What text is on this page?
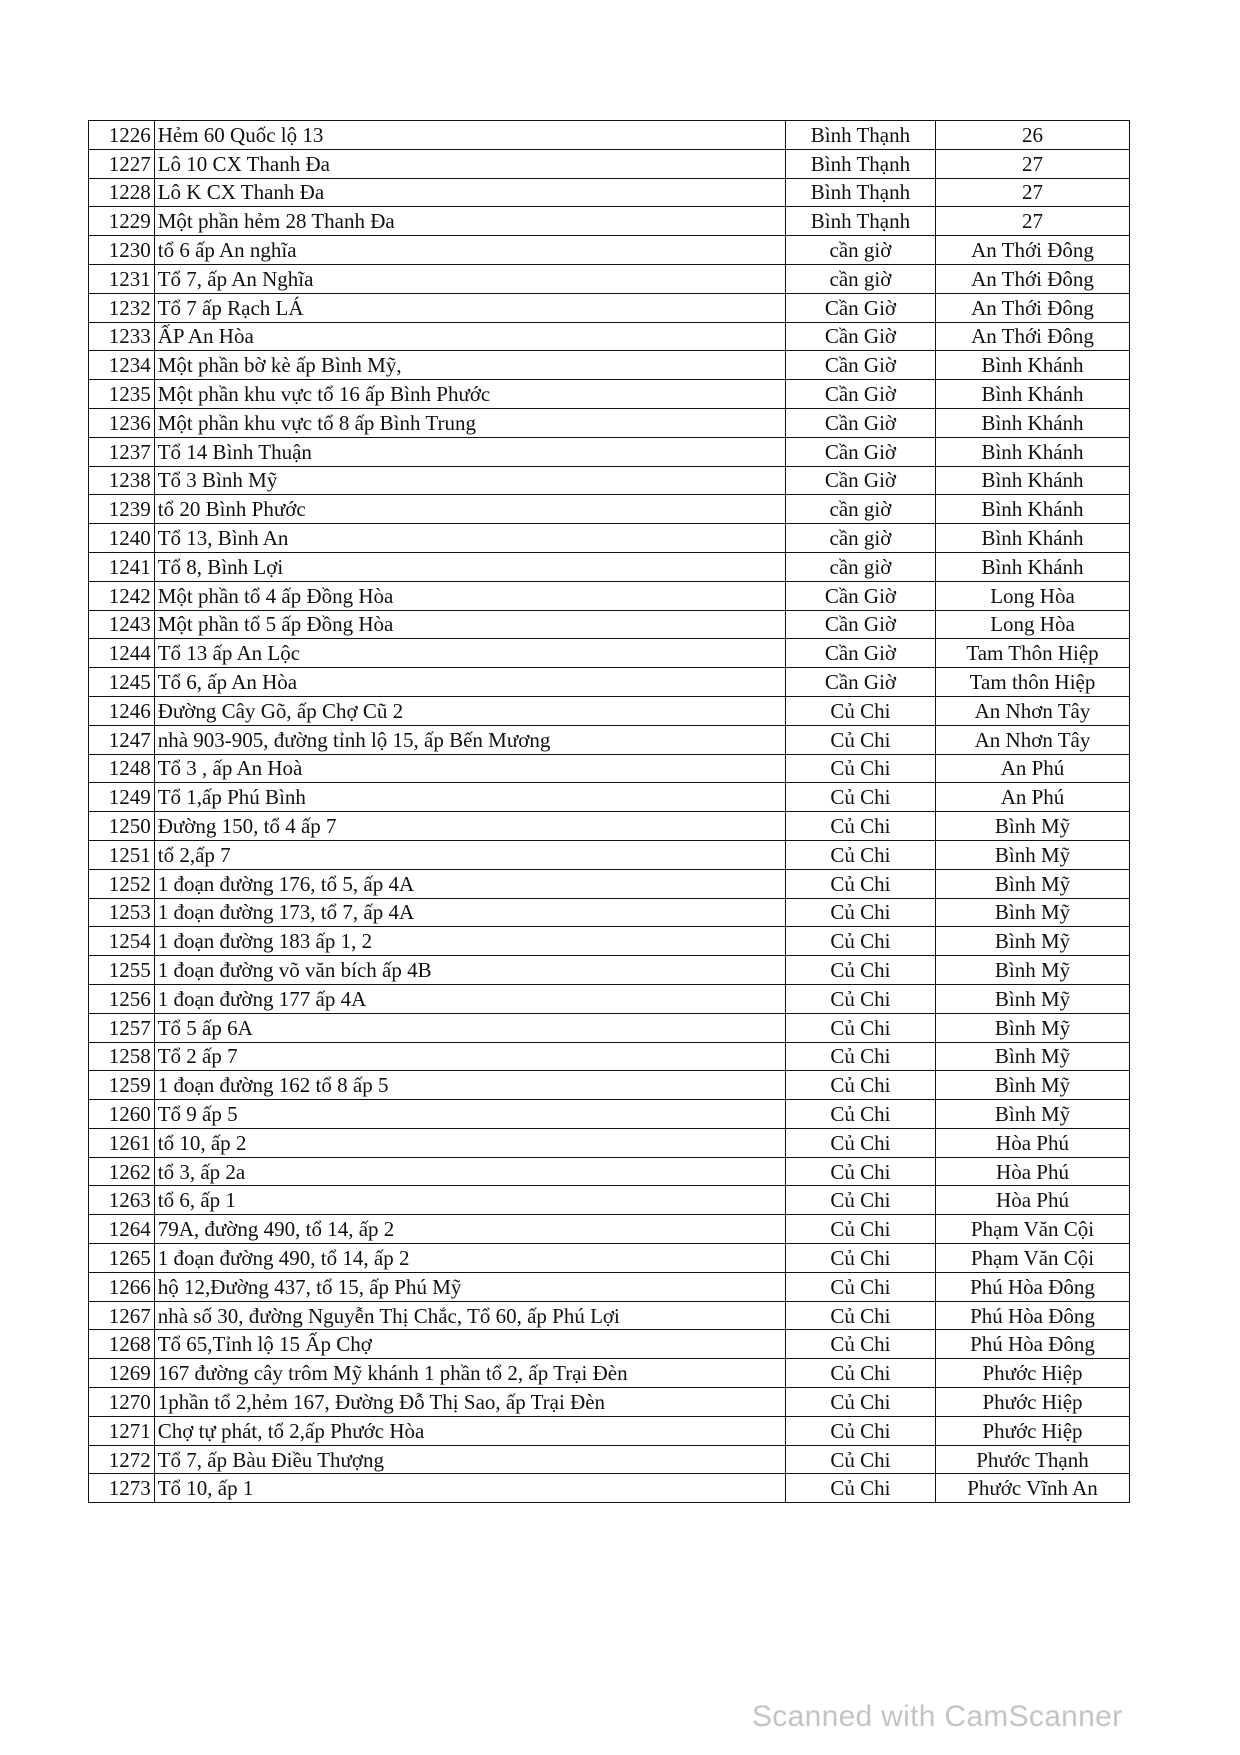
1226	Hẻm 60 Quốc lộ 13	Bình Thạnh	26
1227	Lô 10 CX Thanh Đa	Bình Thạnh	27
1228	Lô K CX Thanh Đa	Bình Thạnh	27
1229	Một phần hẻm 28 Thanh Đa	Bình Thạnh	27
1230	tổ 6 ấp An nghĩa	cần giờ	An Thới Đông
1231	Tổ 7, ấp An Nghĩa	cần giờ	An Thới Đông
1232	Tổ 7 ấp Rạch LÁ	Cần Giờ	An Thới Đông
1233	ẤP An Hòa	Cần Giờ	An Thới Đông
1234	Một phần bờ kè ấp Bình Mỹ,	Cần Giờ	Bình Khánh
1235	Một phần khu vực tổ 16 ấp Bình Phước	Cần Giờ	Bình Khánh
1236	Một phần khu vực tổ 8 ấp Bình Trung	Cần Giờ	Bình Khánh
1237	Tổ 14 Bình Thuận	Cần Giờ	Bình Khánh
1238	Tổ 3 Bình Mỹ	Cần Giờ	Bình Khánh
1239	tổ 20 Bình Phước	cần giờ	Bình Khánh
1240	Tổ 13, Bình An	cần giờ	Bình Khánh
1241	Tổ 8, Bình Lợi	cần giờ	Bình Khánh
1242	Một phần tổ 4 ấp Đồng Hòa	Cần Giờ	Long Hòa
1243	Một phần tổ 5 ấp Đồng Hòa	Cần Giờ	Long Hòa
1244	Tổ 13 ấp An Lộc	Cần Giờ	Tam Thôn Hiệp
1245	Tổ 6, ấp An Hòa	Cần Giờ	Tam thôn Hiệp
1246	Đường Cây Gõ, ấp Chợ Cũ 2	Củ Chi	An Nhơn Tây
1247	nhà 903-905, đường tỉnh lộ 15, ấp Bến Mương	Củ Chi	An Nhơn Tây
1248	Tổ 3 , ấp An Hoà	Củ Chi	An Phú
1249	Tổ 1,ấp Phú Bình	Củ Chi	An Phú
1250	Đường 150, tổ 4 ấp 7	Củ Chi	Bình Mỹ
1251	tổ 2,ấp 7	Củ Chi	Bình Mỹ
1252	1 đoạn đường 176, tổ 5, ấp 4A	Củ Chi	Bình Mỹ
1253	1 đoạn đường 173, tổ 7, ấp 4A	Củ Chi	Bình Mỹ
1254	1 đoạn đường 183 ấp 1, 2	Củ Chi	Bình Mỹ
1255	1 đoạn đường võ văn bích ấp 4B	Củ Chi	Bình Mỹ
1256	1 đoạn đường 177 ấp 4A	Củ Chi	Bình Mỹ
1257	Tổ 5 ấp 6A	Củ Chi	Bình Mỹ
1258	Tổ 2 ấp 7	Củ Chi	Bình Mỹ
1259	1 đoạn đường 162 tổ 8 ấp 5	Củ Chi	Bình Mỹ
1260	Tổ 9 ấp 5	Củ Chi	Bình Mỹ
1261	tổ 10, ấp 2	Củ Chi	Hòa Phú
1262	tổ 3, ấp 2a	Củ Chi	Hòa Phú
1263	tổ 6, ấp 1	Củ Chi	Hòa Phú
1264	79A, đường 490, tổ 14, ấp 2	Củ Chi	Phạm Văn Cội
1265	1 đoạn đường 490, tổ 14, ấp 2	Củ Chi	Phạm Văn Cội
1266	hộ 12,Đường 437, tổ 15, ấp Phú Mỹ	Củ Chi	Phú Hòa Đông
1267	nhà số 30, đường Nguyễn Thị Chắc, Tổ 60, ấp Phú Lợi	Củ Chi	Phú Hòa Đông
1268	Tổ 65,Tỉnh lộ 15 Ấp Chợ	Củ Chi	Phú Hòa Đông
1269	167 đường cây trôm Mỹ khánh 1 phần tổ 2, ấp Trại Đèn	Củ Chi	Phước Hiệp
1270	1phần tổ 2,hẻm 167, Đường Đỗ Thị Sao, ấp Trại Đèn	Củ Chi	Phước Hiệp
1271	Chợ tự phát, tổ 2,ấp Phước Hòa	Củ Chi	Phước Hiệp
1272	Tổ 7, ấp Bàu Điều Thượng	Củ Chi	Phước Thạnh
1273	Tổ 10, ấp 1	Củ Chi	Phước Vĩnh An
Scanned with CamScanner
